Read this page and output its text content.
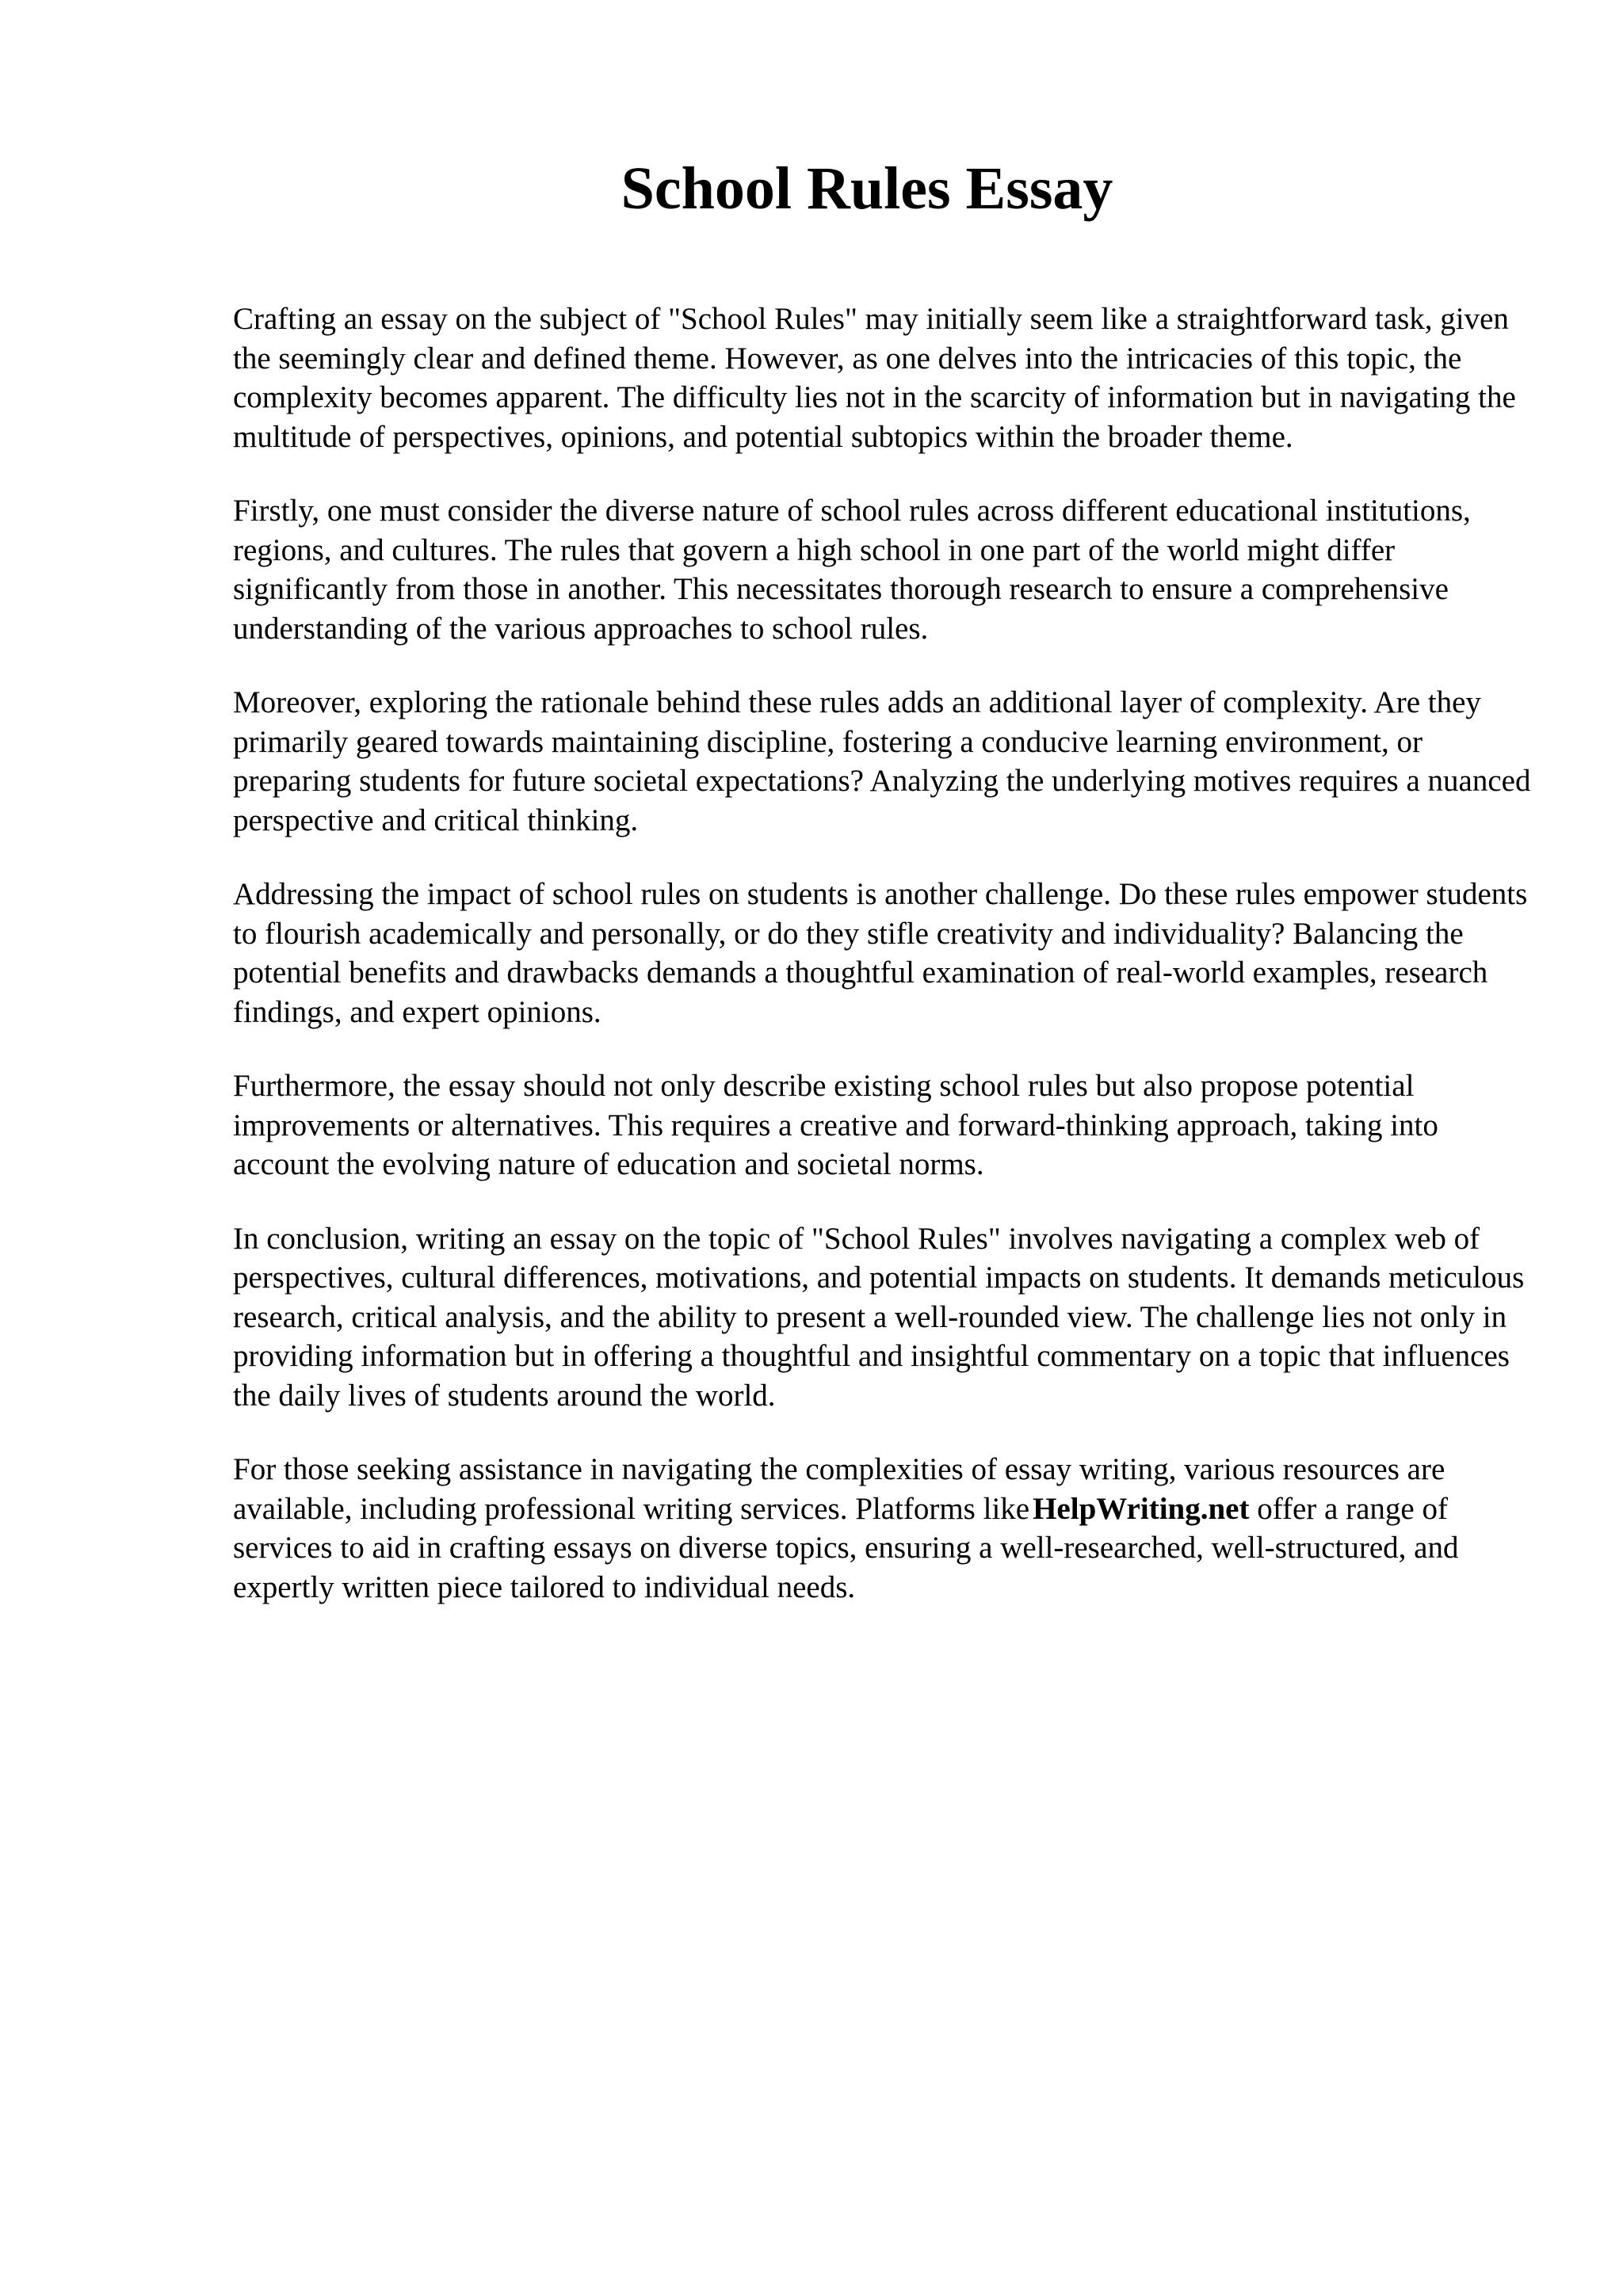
School Rules Essay

Crafting an essay on the subject of "School Rules" may initially seem like a straightforward task, given the seemingly clear and defined theme. However, as one delves into the intricacies of this topic, the complexity becomes apparent. The difficulty lies not in the scarcity of information but in navigating the multitude of perspectives, opinions, and potential subtopics within the broader theme.

Firstly, one must consider the diverse nature of school rules across different educational institutions, regions, and cultures. The rules that govern a high school in one part of the world might differ significantly from those in another. This necessitates thorough research to ensure a comprehensive understanding of the various approaches to school rules.

Moreover, exploring the rationale behind these rules adds an additional layer of complexity. Are they primarily geared towards maintaining discipline, fostering a conducive learning environment, or preparing students for future societal expectations? Analyzing the underlying motives requires a nuanced perspective and critical thinking.

Addressing the impact of school rules on students is another challenge. Do these rules empower students to flourish academically and personally, or do they stifle creativity and individuality? Balancing the potential benefits and drawbacks demands a thoughtful examination of real-world examples, research findings, and expert opinions.

Furthermore, the essay should not only describe existing school rules but also propose potential improvements or alternatives. This requires a creative and forward-thinking approach, taking into account the evolving nature of education and societal norms.

In conclusion, writing an essay on the topic of "School Rules" involves navigating a complex web of perspectives, cultural differences, motivations, and potential impacts on students. It demands meticulous research, critical analysis, and the ability to present a well-rounded view. The challenge lies not only in providing information but in offering a thoughtful and insightful commentary on a topic that influences the daily lives of students around the world.

For those seeking assistance in navigating the complexities of essay writing, various resources are available, including professional writing services. Platforms like HelpWriting.net offer a range of services to aid in crafting essays on diverse topics, ensuring a well-researched, well-structured, and expertly written piece tailored to individual needs.
